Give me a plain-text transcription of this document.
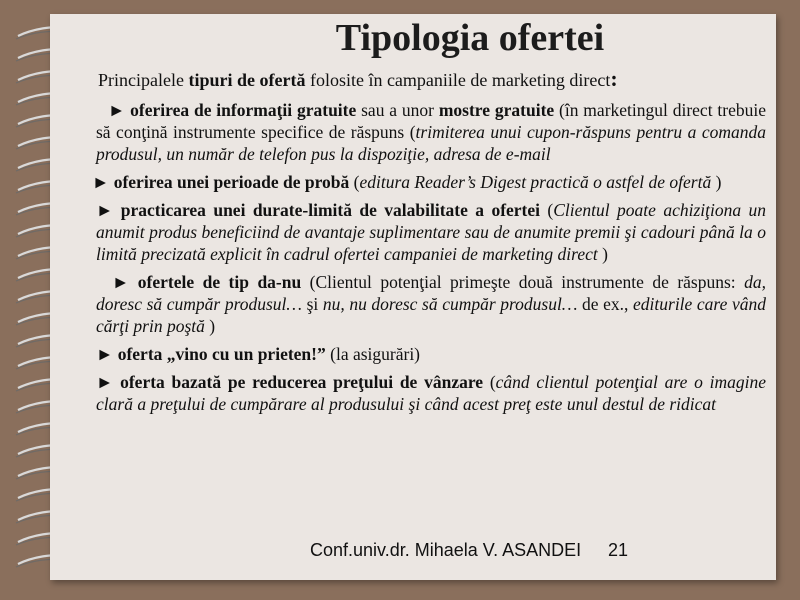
Tipologia ofertei

Principalele tipuri de ofertă folosite în campaniile de marketing direct:

► oferirea de informaţii gratuite sau a unor mostre gratuite (în marketingul direct trebuie să conţină instrumente specifice de răspuns (trimiterea unui cupon-răspuns pentru a comanda produsul, un număr de telefon pus la dispoziţie, adresa de e-mail

► oferirea unei perioade de probă (editura Reader’s Digest practică o astfel de ofertă )

► practicarea unei durate-limită de valabilitate a ofertei (Clientul poate achiziţiona un anumit produs beneficiind de avantaje suplimentare sau de anumite premii şi cadouri până la o limită precizată explicit în cadrul ofertei campaniei de marketing direct )

► ofertele de tip da-nu (Clientul potenţial primeşte două instrumente de răspuns: da, doresc să cumpăr produsul… şi nu, nu doresc să cumpăr produsul… de ex., editurile care vând cărţi prin poştă )

► oferta „vino cu un prieten!” (la asigurări)

► oferta bazată pe reducerea preţului de vânzare (când clientul potenţial are o imagine clară a preţului de cumpărare al produsului şi când acest preţ este unul destul de ridicat

Conf.univ.dr. Mihaela V. ASANDEI 21
